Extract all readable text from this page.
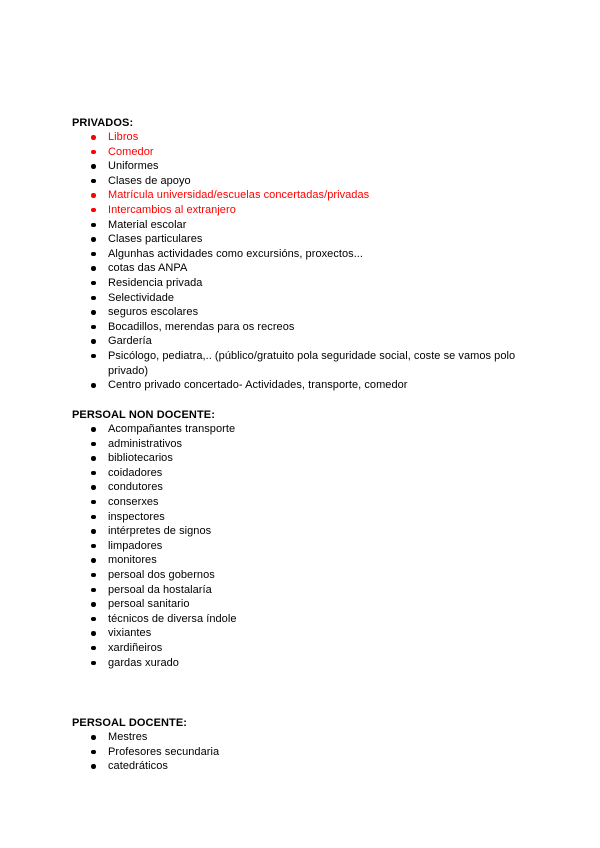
PRIVADOS:
Libros
Comedor
Uniformes
Clases de apoyo
Matrícula universidad/escuelas concertadas/privadas
Intercambios al extranjero
Material escolar
Clases particulares
Algunhas actividades como excursións, proxectos...
cotas das ANPA
Residencia privada
Selectividade
seguros escolares
Bocadillos, merendas para os recreos
Gardería
Psicólogo, pediatra,.. (público/gratuito pola seguridade social, coste se vamos polo privado)
Centro privado concertado- Actividades, transporte, comedor
PERSOAL NON DOCENTE:
Acompañantes transporte
administrativos
bibliotecarios
coidadores
condutores
conserxes
inspectores
intérpretes de signos
limpadores
monitores
persoal dos gobernos
persoal da hostalaría
persoal sanitario
técnicos de diversa índole
vixiantes
xardiñeiros
gardas xurado
PERSOAL DOCENTE:
Mestres
Profesores secundaria
catedráticos
